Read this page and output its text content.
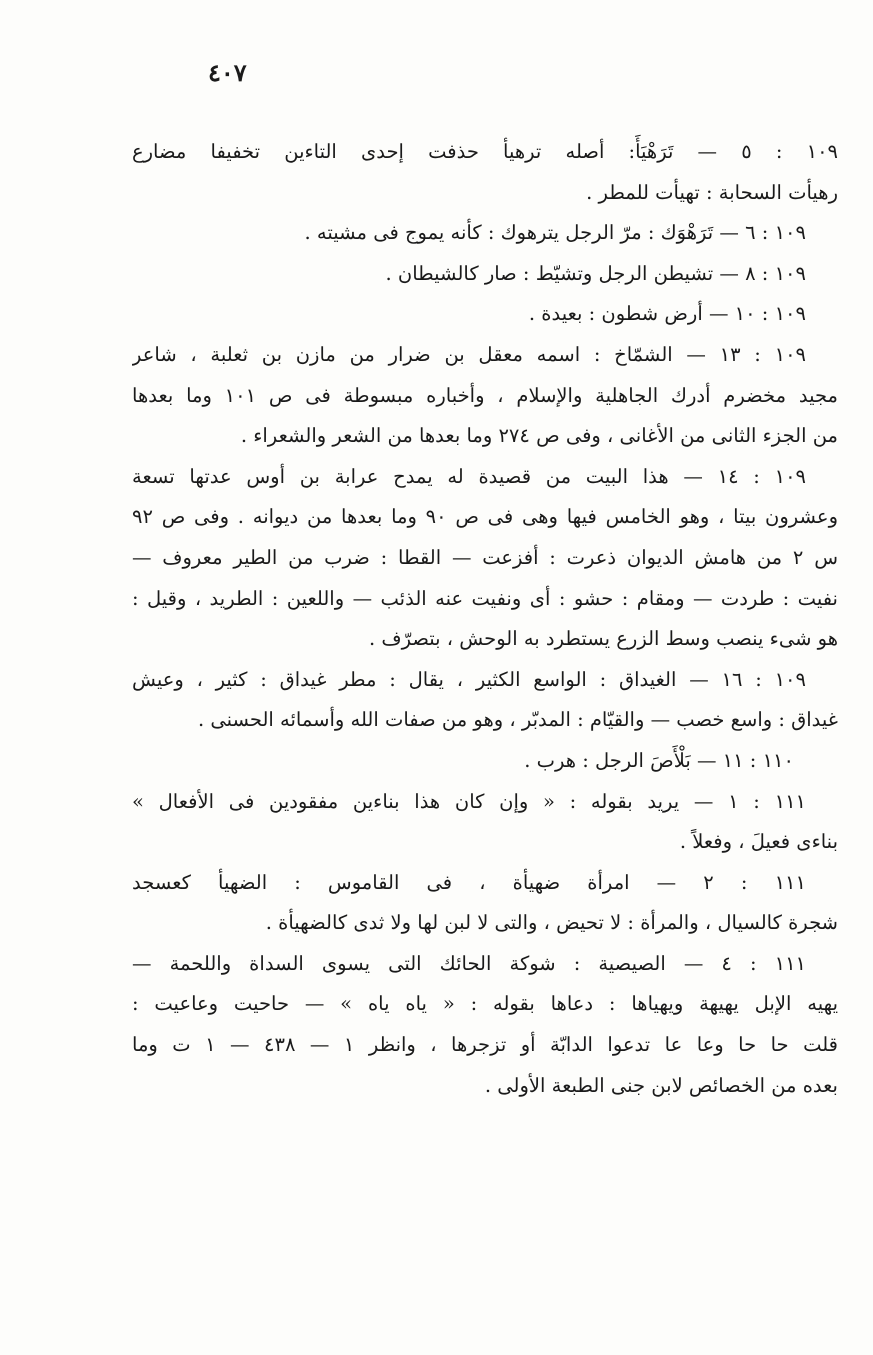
٤٠٧
١٠٩ : ٥ — تَرَهْيَأَ: أصله ترهيأ حذفت إحدى التاءين تخفيفا مضارع
رهيأت السحابة : تهيأت للمطر .
١٠٩ : ٦ — تَرَهْوَك : مرّ الرجل يترهوك : كأنه يموج فى مشيته .
١٠٩ : ٨ — تشيطن الرجل وتشيّط : صار كالشيطان .
١٠٩ : ١٠ — أرض شطون : بعيدة .
١٠٩ : ١٣ — الشمّاخ : اسمه معقل بن ضرار من مازن بن ثعلبة ، شاعر
مجيد مخضرم أدرك الجاهلية والإسلام ، وأخباره مبسوطة فى ص ١٠١ وما بعدها
من الجزء الثانى من الأغانى ، وفى ص ٢٧٤ وما بعدها من الشعر والشعراء .
١٠٩ : ١٤ — هذا البيت من قصيدة له يمدح عرابة بن أوس عدتها تسعة
وعشرون بيتا ، وهو الخامس فيها وهى فى ص ٩٠ وما بعدها من ديوانه . وفى ص ٩٢
س ٢ من هامش الديوان ذعرت : أفزعت — القطا : ضرب من الطير معروف —
نفيت : طردت — ومقام : حشو : أى ونفيت عنه الذئب — واللعين : الطريد ، وقيل :
هو شىء ينصب وسط الزرع يستطرد به الوحش ، بتصرّف .
١٠٩ : ١٦ — الغيداق : الواسع الكثير ، يقال : مطر غيداق : كثير ، وعيش
غيداق : واسع خصب — والقيّام : المدبّر ، وهو من صفات الله وأسمائه الحسنى .
١١٠ : ١١ — بَلْأَصَ الرجل : هرب .
١١١ : ١ — يريد بقوله : « وإن كان هذا بناءين مفقودين فى الأفعال »
بناءى فعيلَ ، وفعلاً .
١١١ : ٢ — امرأة ضهيأة ، فى القاموس : الضهيأ كعسجد
شجرة كالسيال ، والمرأة : لا تحيض ، والتى لا لبن لها ولا ثدى كالضهيأة .
١١١ : ٤ — الصيصية : شوكة الحائك التى يسوى السداة واللحمة —
يهيه الإبل يهيهة ويهياها : دعاها بقوله : « ياه ياه » — حاحيت وعاعيت :
قلت حا حا وعا عا تدعوا الدابّة أو تزجرها ، وانظر ١ — ٤٣٨ — ١ ت وما
بعده من الخصائص لابن جنى الطبعة الأولى .
